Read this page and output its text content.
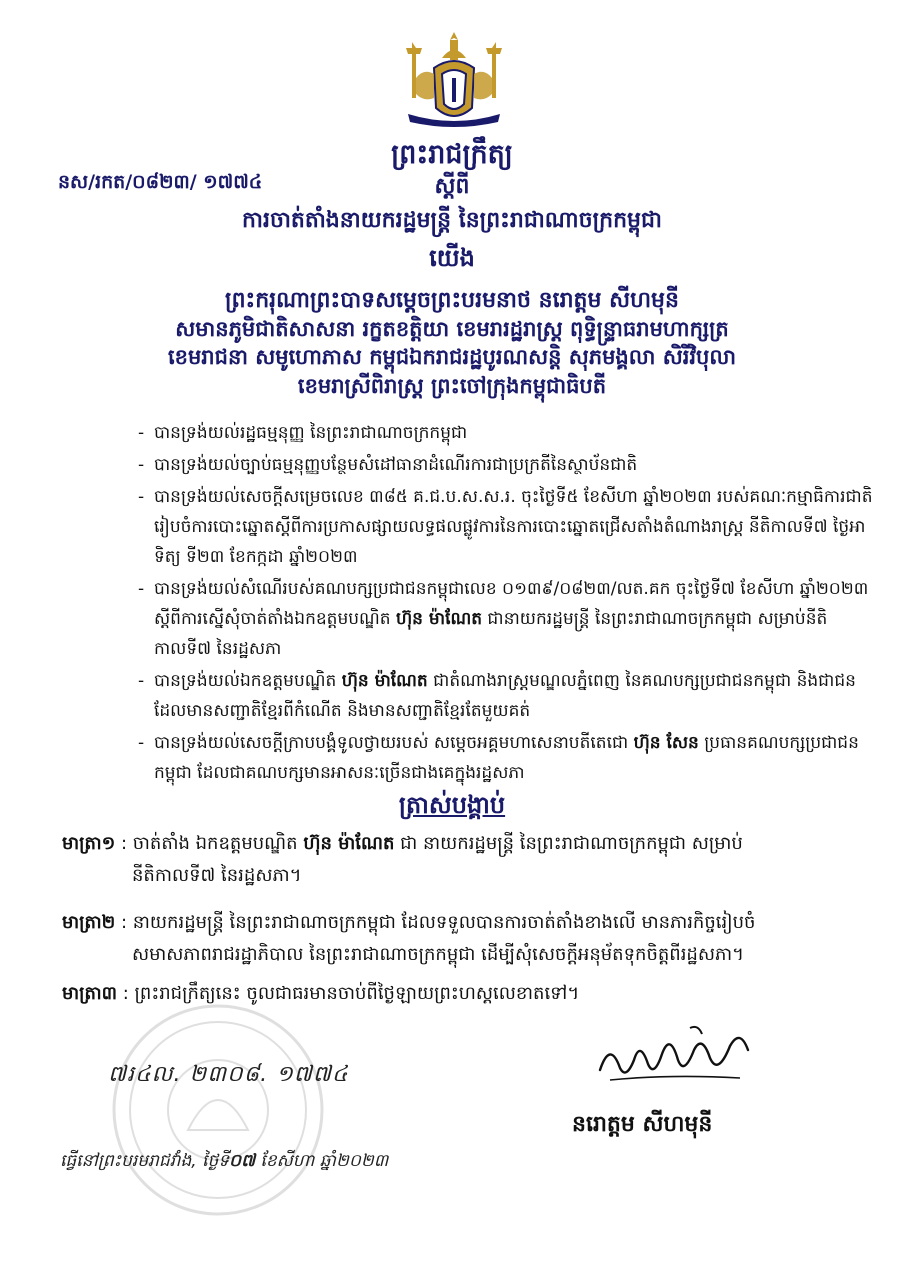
ព្រះរាជក្រឹត្យ
នស/រកត/០៨២៣/ ១៧៧៤	ស្ដីពី
ការចាត់តាំងនាយករដ្ឋមន្ត្រី នៃព្រះរាជាណាចក្រកម្ពុជា
យើង
ព្រះករុណាព្រះបាទសម្ដេចព្រះបរមនាថ នរោត្ដម សីហមុនី
សមានភូមិជាតិសាសនា រក្ខតខត្តិយា ខេមរារដ្ឋរាស្ត្រ ពុទ្ធិន្ទ្រាធរាមហាក្សត្រ
ខេមរាជនា សមូហោភាស កម្ពុជឯករាជរដ្ឋបូរណសន្តិ សុភមង្គលា សិរីវិបុលា
ខេមរាស្រីពិរាស្ត្រ ព្រះចៅក្រុងកម្ពុជាធិបតី
- បានទ្រង់យល់រដ្ឋធម្មនុញ្ញ នៃព្រះរាជាណាចក្រកម្ពុជា
- បានទ្រង់យល់ច្បាប់ធម្មនុញ្ញបន្ថែមសំដៅធានាដំណើរការជាប្រក្រតីនៃស្ថាប័នជាតិ
- បានទ្រង់យល់សេចក្ដីសម្រេចលេខ ៣៨៥ គ.ជ.ប.ស.ស.រ. ចុះថ្ងៃទី៥ ខែសីហា ឆ្នាំ២០២៣ របស់គណៈកម្មាធិការជាតិរៀបចំការបោះឆ្នោតស្ដីពីការប្រកាសផ្សាយលទ្ធផលផ្លូវការនៃការបោះឆ្នោតជ្រើសតាំងតំណាងរាស្ត្រ នីតិកាលទី៧ ថ្ងៃអាទិត្យ ទី២៣ ខែកក្កដា ឆ្នាំ២០២៣
- បានទ្រង់យល់សំណើរបស់គណបក្សប្រជាជនកម្ពុជាលេខ ០១៣៩/០៨២៣/លត.គក ចុះថ្ងៃទី៧ ខែសីហា ឆ្នាំ២០២៣ ស្ដីពីការស្នើសុំចាត់តាំងឯកឧត្ដមបណ្ឌិត ហ៊ុន ម៉ាណែត ជានាយករដ្ឋមន្ត្រី នៃព្រះរាជាណាចក្រកម្ពុជា សម្រាប់នីតិកាលទី៧ នៃរដ្ឋសភា
- បានទ្រង់យល់ឯកឧត្ដមបណ្ឌិត ហ៊ុន ម៉ាណែត ជាតំណាងរាស្ត្រមណ្ឌលភ្នំពេញ នៃគណបក្សប្រជាជនកម្ពុជា និងជាជនដែលមានសញ្ជាតិខ្មែរពីកំណើត និងមានសញ្ជាតិខ្មែរតែមួយគត់
- បានទ្រង់យល់សេចក្ដីក្រាបបង្គំទូលថ្វាយរបស់ សម្ដេចអគ្គមហាសេនាបតីតេជោ ហ៊ុន សែន ប្រធានគណបក្សប្រជាជនកម្ពុជា ដែលជាគណបក្សមានអាសនៈច្រើនជាងគេក្នុងរដ្ឋសភា
ត្រាស់បង្គាប់
មាត្រា១ : ចាត់តាំង ឯកឧត្ដមបណ្ឌិត ហ៊ុន ម៉ាណែត ជា នាយករដ្ឋមន្ត្រី នៃព្រះរាជាណាចក្រកម្ពុជា សម្រាប់
នីតិកាលទី៧ នៃរដ្ឋសភា។
មាត្រា២ : នាយករដ្ឋមន្ត្រី នៃព្រះរាជាណាចក្រកម្ពុជា ដែលទទួលបានការចាត់តាំងខាងលើ មានភារកិច្ចរៀបចំ
សមាសភាពរាជរដ្ឋាភិបាល នៃព្រះរាជាណាចក្រកម្ពុជា ដើម្បីសុំសេចក្ដីអនុម័តទុកចិត្តពីរដ្ឋសភា។
មាត្រា៣ : ព្រះរាជក្រឹត្យនេះ ចូលជាធរមានចាប់ពីថ្ងៃឡាយព្រះហស្តលេខាតទៅ។
៧រ៤ល. ២៣០៨. ១៧៧៤
នរោត្ដម សីហមុនី
ធ្វើនៅព្រះបរមរាជវាំង, ថ្ងៃទី០៧ ខែសីហា ឆ្នាំ២០២៣
